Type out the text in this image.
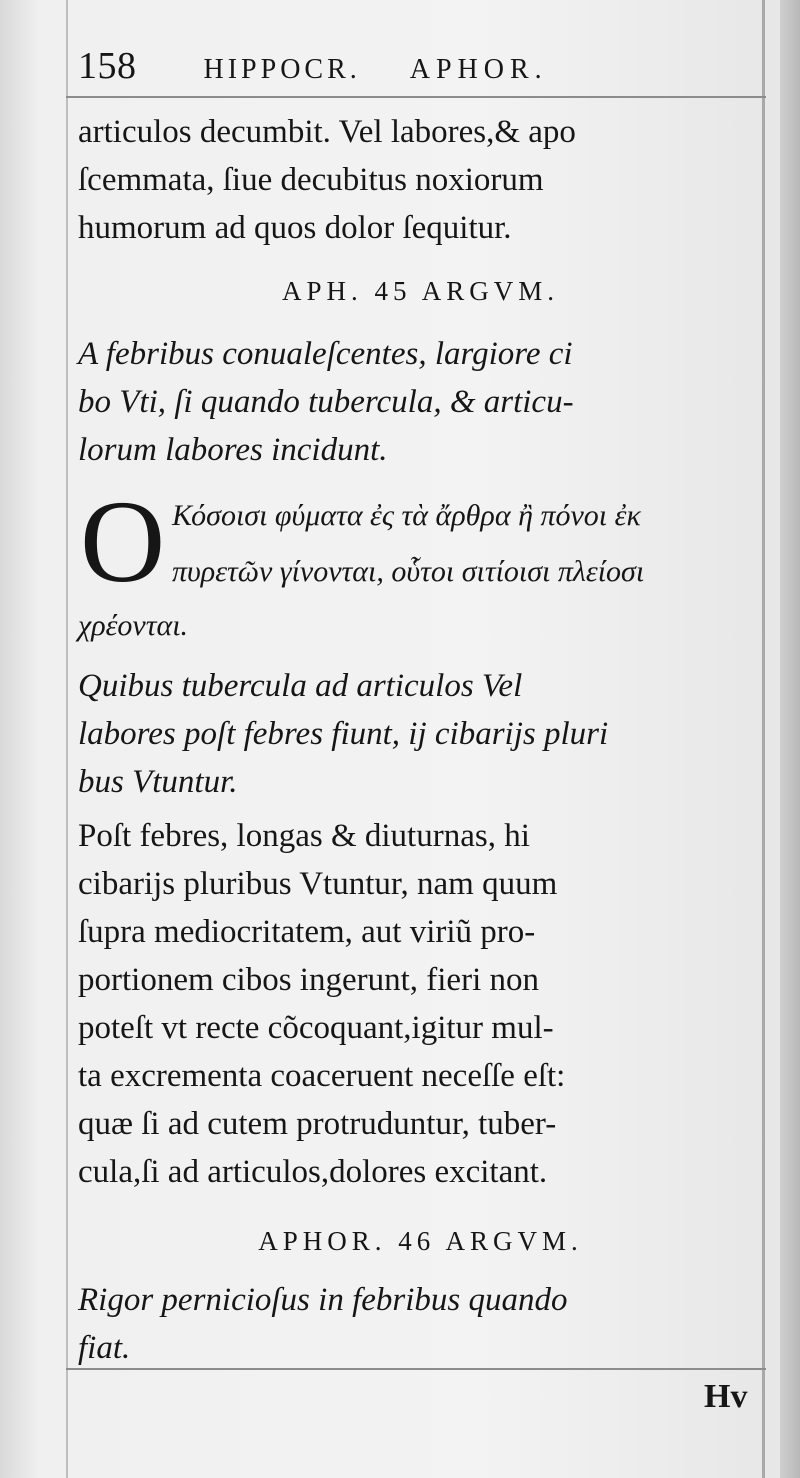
158 HIPPOCR. APHOR.
articulos decumbit. Vel labores,& apo
ſcemmata, ſiue decubitus noxiorum
humorum ad quos dolor ſequitur.
APH. 45 ARGVM.
A febribus conualeſcentes, largiore ci
bo Vti, ſi quando tubercula, & articu-
lorum labores incidunt.
O Κόσοισι φύματα ἐς τὰ ἄρθρα ἢ πόνοι ἐκ
πυρετῶν γίνονται, οὗτοι σιτίοισι πλείοσι
χρέονται.
Quibus tubercula ad articulos Vel
labores poſt febres fiunt, ij cibarijs pluri
bus Vtuntur.
Poſt febres, longas & diuturnas, hi
cibarijs pluribus Vtuntur, nam quum
ſupra mediocritatem, aut viriũ pro-
portionem cibos ingerunt, fieri non
poteſt vt recte cõcoquant,igitur mul-
ta excrementa coaceruent neceſſe eſt:
quæ ſi ad cutem protruduntur, tuber-
cula,ſi ad articulos,dolores excitant.
APHOR. 46 ARGVM.
Rigor pernicioſus in febribus quando
fiat.
Hv
